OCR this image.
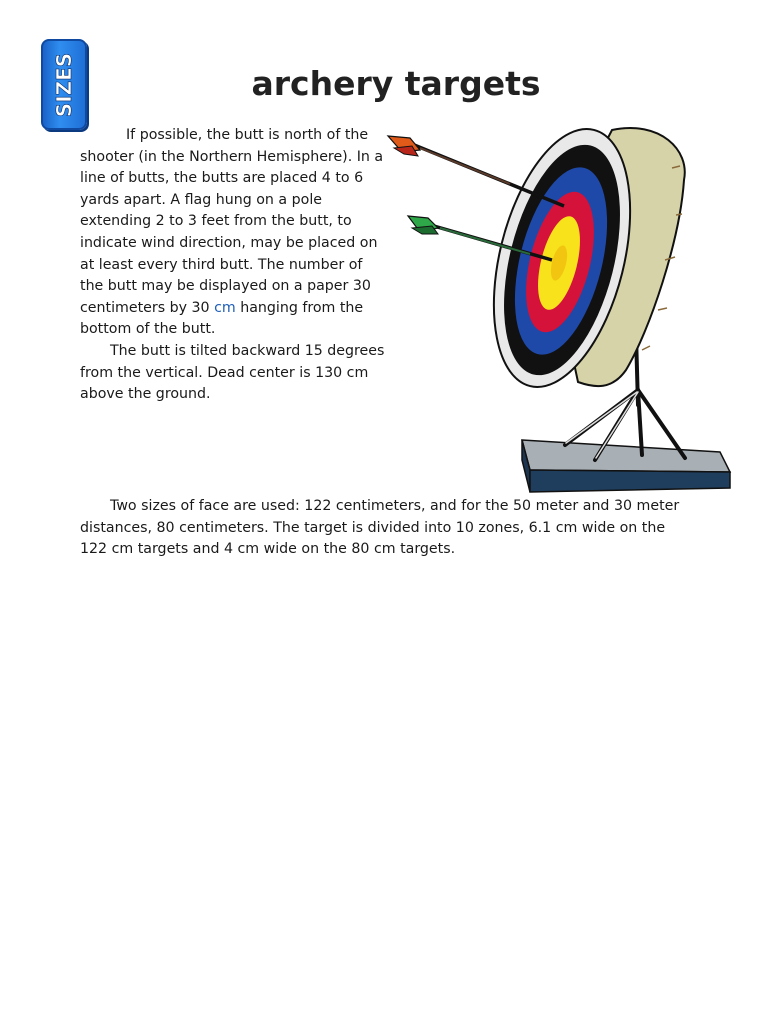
SIZES	archery targets

If possible, the butt is north of the shooter (in the Northern Hemisphere). In a line of butts, the butts are placed 4 to 6 yards apart. A flag hung on a pole extending 2 to 3 feet from the butt, to indicate wind direction, may be placed on at least every third butt. The number of the butt may be displayed on a paper 30 centimeters by 30 cm hanging from the bottom of the butt.

The butt is tilted backward 15 degrees from the vertical. Dead center is 130 cm above the ground.

Two sizes of face are used: 122 centimeters, and for the 50 meter and 30 meter distances, 80 centimeters. The target is divided into 10 zones, 6.1 cm wide on the 122 cm targets and 4 cm wide on the 80 cm targets.
